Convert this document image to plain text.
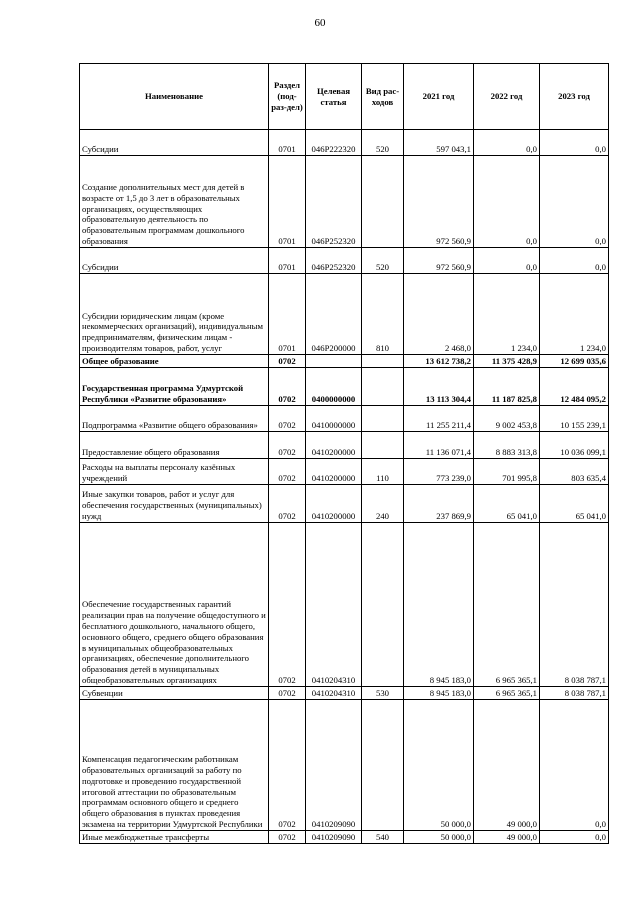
60
Наименование	Раздел (под-раз-дел)	Целевая статья	Вид рас-ходов	2021 год	2022 год	2023 год

Субсидии	0701	046P222320	520	597 043,1	0,0	0,0

Создание дополнительных мест для детей в возрасте от 1,5 до 3 лет в образовательных организациях, осуществляющих образовательную деятельность по образовательным программам дошкольного образования	0701	046P252320		972 560,9	0,0	0,0

Субсидии	0701	046P252320	520	972 560,9	0,0	0,0

Субсидии юридическим лицам (кроме некоммерческих организаций), индивидуальным предпринимателям, физическим лицам - производителям товаров, работ, услуг	0701	046P200000	810	2 468,0	1 234,0	1 234,0

Общее образование	0702			13 612 738,2	11 375 428,9	12 699 035,6

Государственная программа Удмуртской Республики «Развитие образования»	0702	0400000000		13 113 304,4	11 187 825,8	12 484 095,2

Подпрограмма «Развитие общего образования»	0702	0410000000		11 255 211,4	9 002 453,8	10 155 239,1

Предоставление общего образования	0702	0410200000		11 136 071,4	8 883 313,8	10 036 099,1

Расходы на выплаты персоналу казённых учреждений	0702	0410200000	110	773 239,0	701 995,8	803 635,4

Иные закупки товаров, работ и услуг для обеспечения государственных (муниципальных) нужд	0702	0410200000	240	237 869,9	65 041,0	65 041,0

Обеспечение государственных гарантий реализации прав на получение общедоступного и бесплатного дошкольного, начального общего, основного общего, среднего общего образования в муниципальных общеобразовательных организациях, обеспечение дополнительного образования детей в муниципальных общеобразовательных организациях	0702	0410204310		8 945 183,0	6 965 365,1	8 038 787,1

Субвенции	0702	0410204310	530	8 945 183,0	6 965 365,1	8 038 787,1

Компенсация педагогическим работникам образовательных организаций за работу по подготовке и проведению государственной итоговой аттестации по образовательным программам основного общего и среднего общего образования в пунктах проведения экзамена на территории Удмуртской Республики	0702	0410209090		50 000,0	49 000,0	0,0

Иные межбюджетные трансферты	0702	0410209090	540	50 000,0	49 000,0	0,0
